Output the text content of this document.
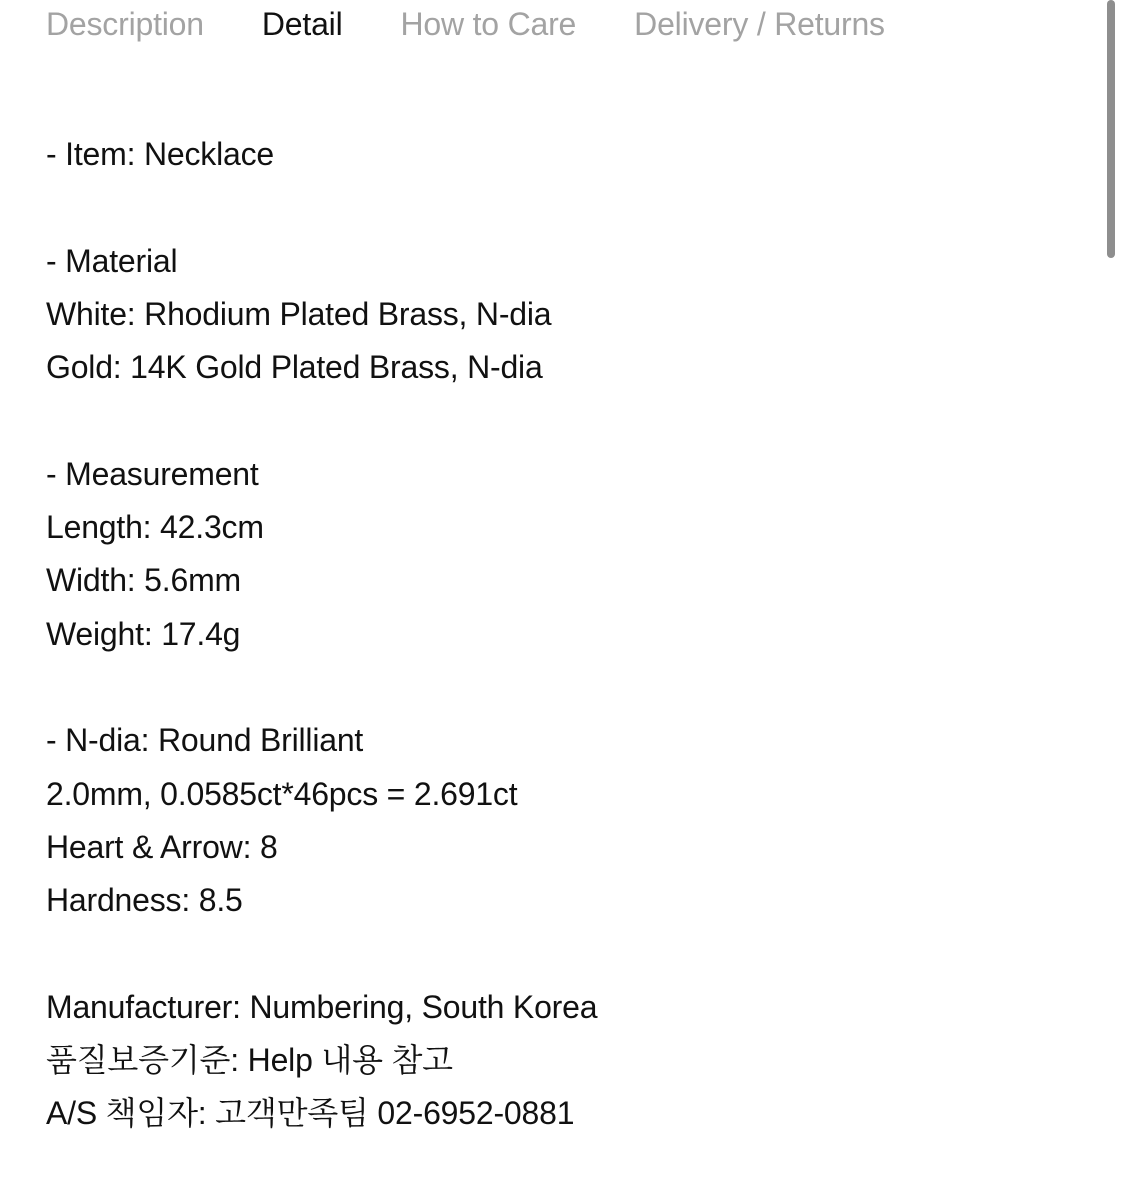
Description Detail How to Care Delivery / Returns
- Item: Necklace
- Material
White: Rhodium Plated Brass, N-dia
Gold: 14K Gold Plated Brass, N-dia
- Measurement
Length: 42.3cm
Width: 5.6mm
Weight: 17.4g
- N-dia: Round Brilliant
2.0mm, 0.0585ct*46pcs = 2.691ct
Heart & Arrow: 8
Hardness: 8.5
Manufacturer: Numbering, South Korea
품질보증기준: Help 내용 참고
A/S 책임자: 고객만족팀 02-6952-0881
